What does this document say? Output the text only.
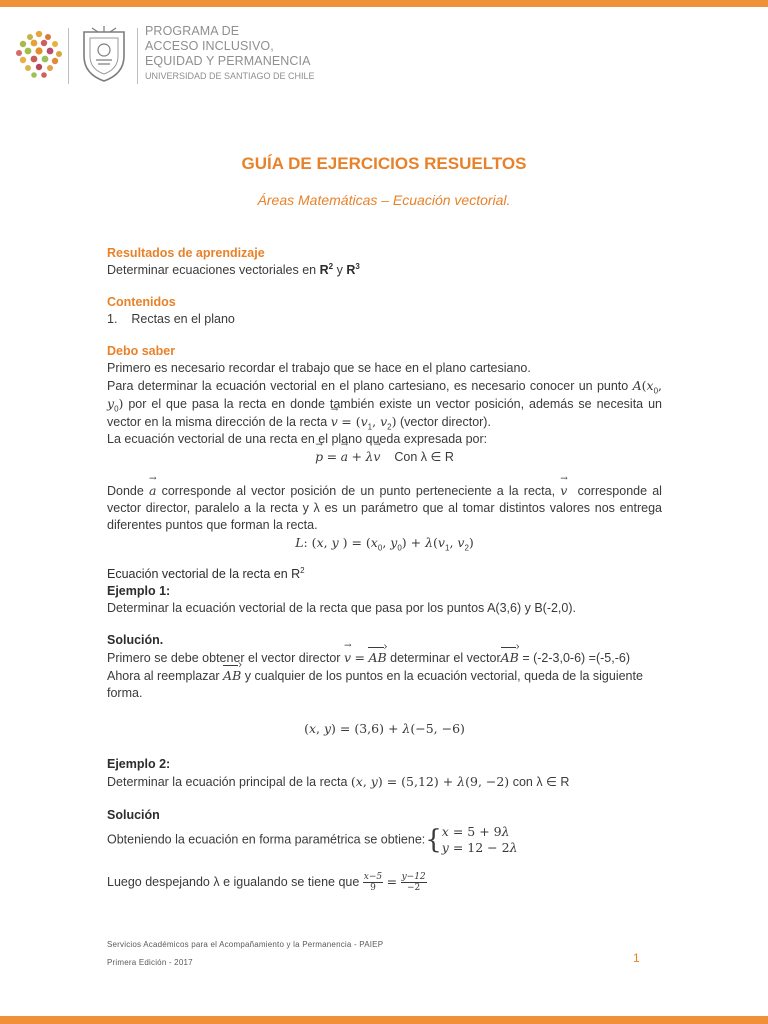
PROGRAMA DE
ACCESO INCLUSIVO,
EQUIDAD Y PERMANENCIA
UNIVERSIDAD DE SANTIAGO DE CHILE
GUÍA DE EJERCICIOS RESUELTOS
Áreas Matemáticas – Ecuación vectorial.
Resultados de aprendizaje
Determinar ecuaciones vectoriales en $R^2$ y $R^3$
Contenidos
1. Rectas en el plano
Debo saber
Primero es necesario recordar el trabajo que se hace en el plano cartesiano.
Para determinar la ecuación vectorial en el plano cartesiano, es necesario conocer un punto $A(x_0$, $y_0$) por el que pasa la recta en donde también existe un vector posición, además se necesita un vector en la misma dirección de la recta → $v = (v_1$, $v_2$) (vector director).
La ecuación vectorial de una recta en el plano queda expresada por:
→ p = → a + λ→ v Con λ ∈ R
Donde → a corresponde al vector posición de un punto perteneciente a la recta, → v corresponde al vector director, paralelo a la recta y λ es un parámetro que al tomar distintos valores nos entrega diferentes puntos que forman la recta.
L: (x, y ) = ($x_0$, $y_0) + \lambda(v_1$, $v_2$)
Ecuación vectorial de la recta en $R^2$
Ejemplo 1:
Determinar la ecuación vectorial de la recta que pasa por los puntos A(3,6) y B(-2,0).
Solución.
Primero se debe obtener el vector director → v = AB › determinar el vectorAB › = (-2-3,0-6) =(-5,-6)
Ahora al reemplazar AB › y cualquier de los puntos en la ecuación vectorial, queda de la siguiente forma.
(x, y) = (3,6) + λ(−5, −6)
Ejemplo 2:
Determinar la ecuación principal de la recta (x, y) = (5,12) + λ(9, −2) con λ ∈ R
Solución
Obteniendo la ecuación en forma paramétrica se obtiene:{x = 5 + 9λ
y = 12 − 2λ
Luego despejando λ e igualando se tiene que $\frac{x-5}{9} = \frac{y-12}{-2}$
Servicios Académicos para el Acompañamiento y la Permanencia - PAIEP
Primera Edición - 2017	1
